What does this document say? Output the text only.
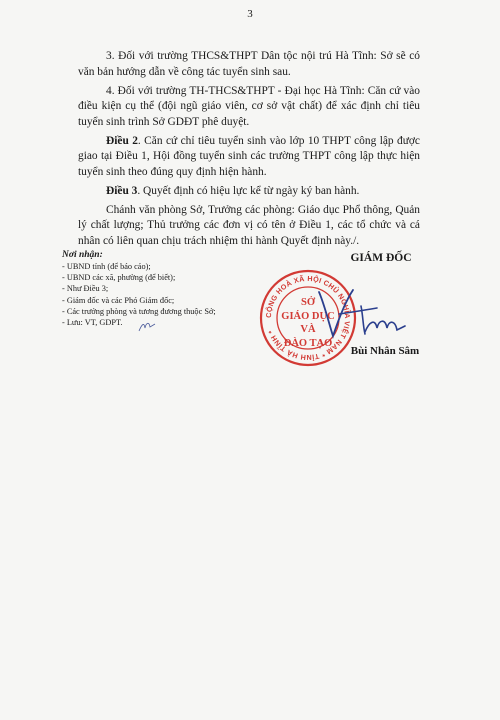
3

3. Đối với trường THCS&THPT Dân tộc nội trú Hà Tĩnh: Sở sẽ có văn bản hướng dẫn về công tác tuyển sinh sau.

4. Đối với trường TH-THCS&THPT - Đại học Hà Tĩnh: Căn cứ vào điều kiện cụ thể (đội ngũ giáo viên, cơ sở vật chất) để xác định chỉ tiêu tuyển sinh trình Sở GDĐT phê duyệt.

Điều 2. Căn cứ chỉ tiêu tuyển sinh vào lớp 10 THPT công lập được giao tại Điều 1, Hội đồng tuyển sinh các trường THPT công lập thực hiện tuyển sinh theo đúng quy định hiện hành.

Điều 3. Quyết định có hiệu lực kể từ ngày ký ban hành.

Chánh văn phòng Sở, Trưởng các phòng: Giáo dục Phổ thông, Quản lý chất lượng; Thủ trưởng các đơn vị có tên ở Điều 1, các tổ chức và cá nhân có liên quan chịu trách nhiệm thi hành Quyết định này./.

Nơi nhận:
- UBND tỉnh (để báo cáo);
- UBND các xã, phường (để biết);
- Như Điều 3;
- Giám đốc và các Phó Giám đốc;
- Các trưởng phòng và tương đương thuộc Sở;
- Lưu: VT, GDPT.
GIÁM ĐỐC
CỘNG HOÀ XÃ HỘI CHỦ NGHĨA VIỆT NAM * TỈNH HÀ TĨNH *
SỞ
GIÁO DỤC
VÀ
ĐÀO TẠO
Bùi Nhân Sâm
